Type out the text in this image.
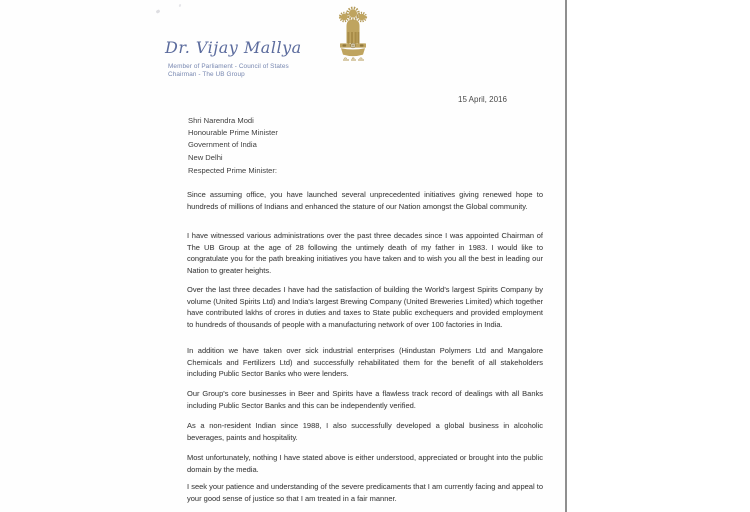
Dr. Vijay Mallya
Member of Parliament - Council of States
Chairman - The UB Group
15 April, 2016
Shri Narendra Modi
Honourable Prime Minister
Government of India
New Delhi
Respected Prime Minister:
Since assuming office, you have launched several unprecedented initiatives giving renewed hope to hundreds of millions of Indians and enhanced the stature of our Nation amongst the Global community.
I have witnessed various administrations over the past three decades since I was appointed Chairman of The UB Group at the age of 28 following the untimely death of my father in 1983. I would like to congratulate you for the path breaking initiatives you have taken and to wish you all the best in leading our Nation to greater heights.
Over the last three decades I have had the satisfaction of building the World's largest Spirits Company by volume (United Spirits Ltd) and India's largest Brewing Company (United Breweries Limited) which together have contributed lakhs of crores in duties and taxes to State public exchequers and provided employment to hundreds of thousands of people with a manufacturing network of over 100 factories in India.
In addition we have taken over sick industrial enterprises (Hindustan Polymers Ltd and Mangalore Chemicals and Fertilizers Ltd) and successfully rehabilitated them for the benefit of all stakeholders including Public Sector Banks who were lenders.
Our Group's core businesses in Beer and Spirits have a flawless track record of dealings with all Banks including Public Sector Banks and this can be independently verified.
As a non-resident Indian since 1988, I also successfully developed a global business in alcoholic beverages, paints and hospitality.
Most unfortunately, nothing I have stated above is either understood, appreciated or brought into the public domain by the media.
I seek your patience and understanding of the severe predicaments that I am currently facing and appeal to your good sense of justice so that I am treated in a fair manner.
